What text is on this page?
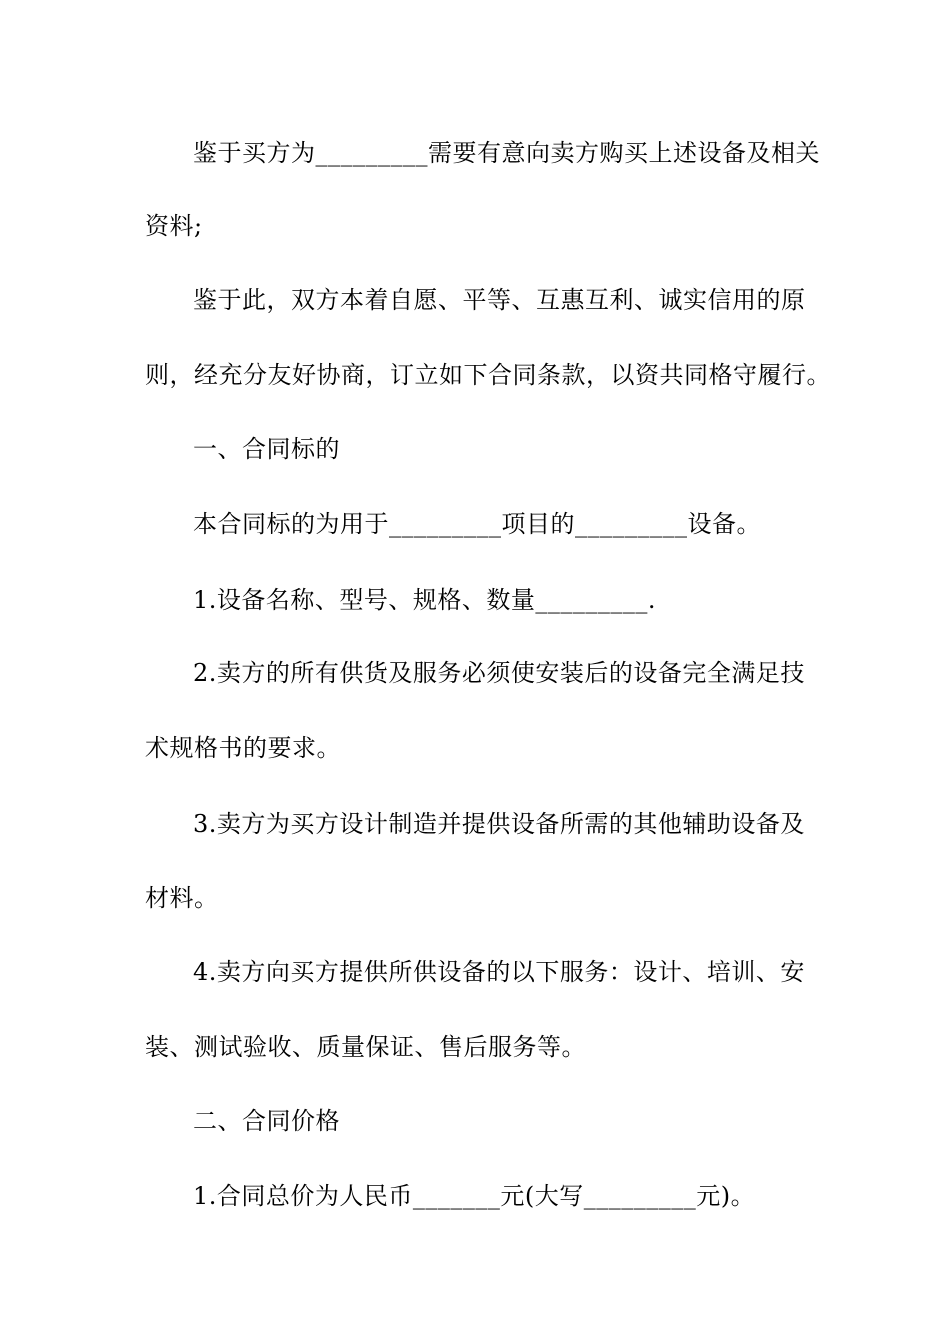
鉴于买方为_________需要有意向卖方购买上述设备及相关
资料;
鉴于此，双方本着自愿、平等、互惠互利、诚实信用的原
则，经充分友好协商，订立如下合同条款，以资共同格守履行。
一、合同标的
本合同标的为用于_________项目的_________设备。
1.设备名称、型号、规格、数量_________.
2.卖方的所有供货及服务必须使安装后的设备完全满足技
术规格书的要求。
3.卖方为买方设计制造并提供设备所需的其他辅助设备及
材料。
4.卖方向买方提供所供设备的以下服务：设计、培训、安
装、测试验收、质量保证、售后服务等。
二、合同价格
1.合同总价为人民币_______元(大写_________元)。
